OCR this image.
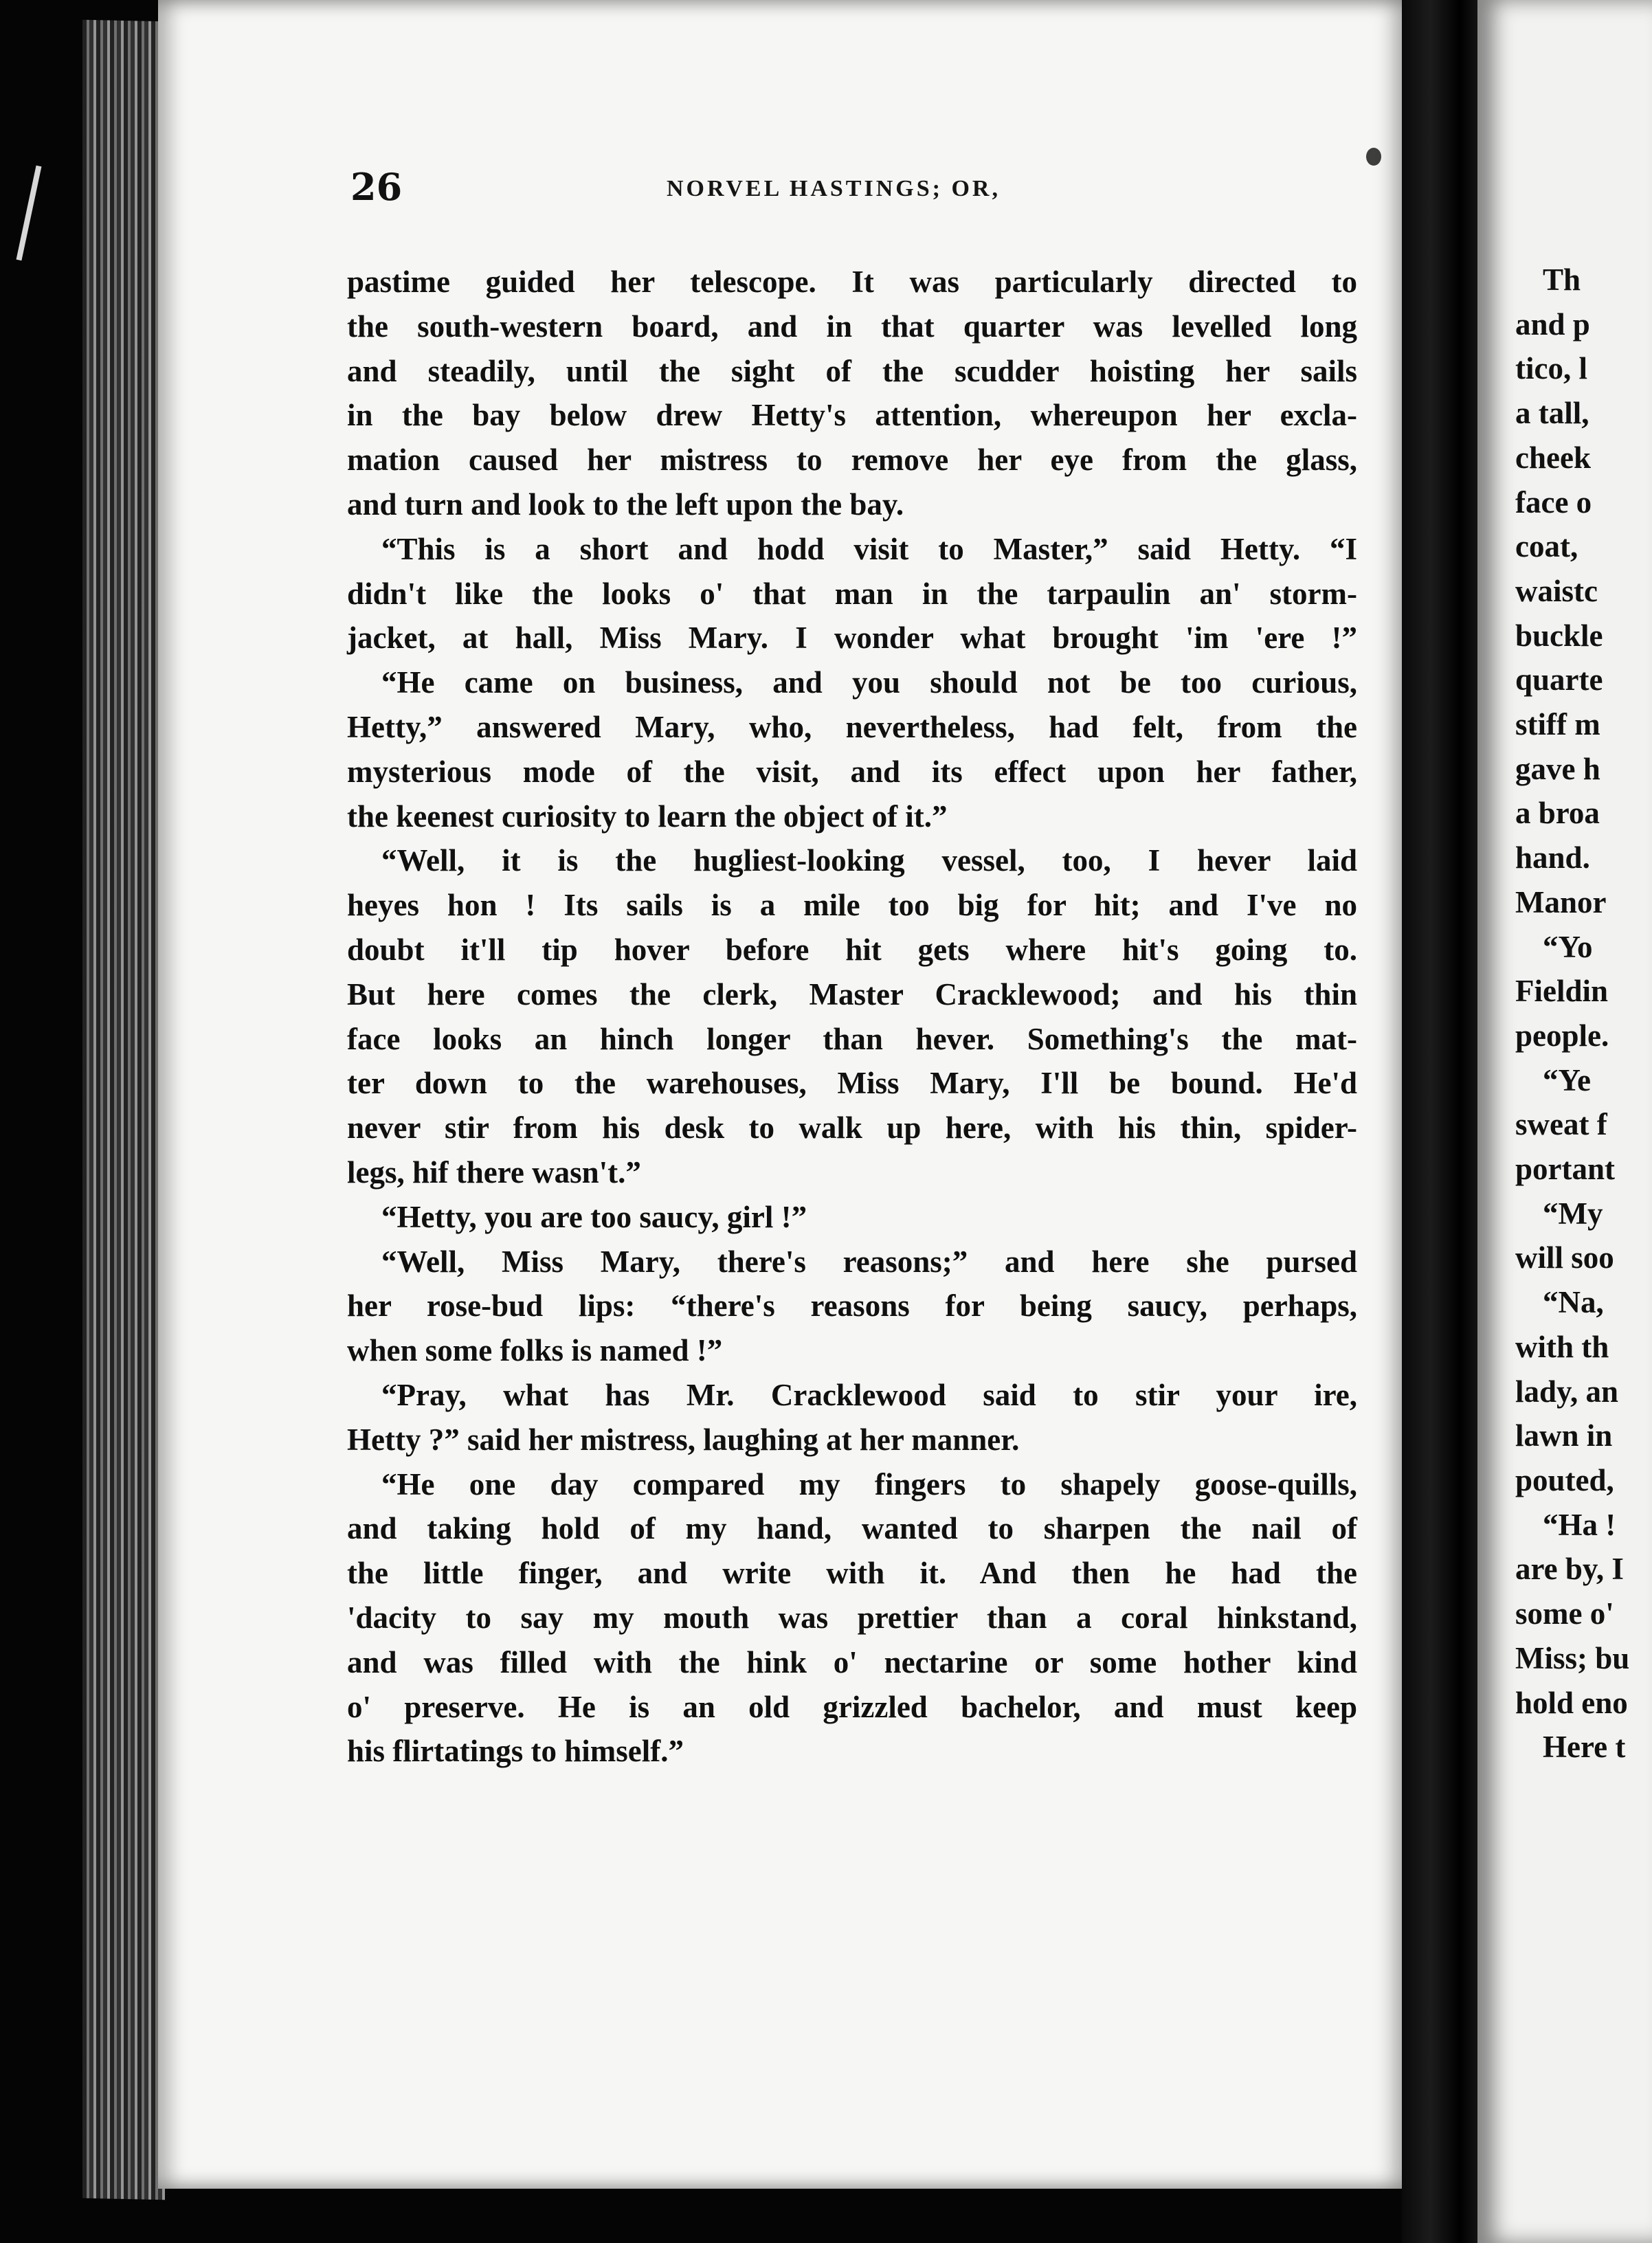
26	NORVEL HASTINGS; OR,
pastime guided her telescope. It was particularly directed to
the south-western board, and in that quarter was levelled long
and steadily, until the sight of the scudder hoisting her sails
in the bay below drew Hetty's attention, whereupon her excla-
mation caused her mistress to remove her eye from the glass,
and turn and look to the left upon the bay.
“This is a short and hodd visit to Master,” said Hetty. “I
didn't like the looks o' that man in the tarpaulin an' storm-
jacket, at hall, Miss Mary. I wonder what brought 'im 'ere !”
“He came on business, and you should not be too curious,
Hetty,” answered Mary, who, nevertheless, had felt, from the
mysterious mode of the visit, and its effect upon her father,
the keenest curiosity to learn the object of it.”
“Well, it is the hugliest-looking vessel, too, I hever laid
heyes hon ! Its sails is a mile too big for hit; and I've no
doubt it'll tip hover before hit gets where hit's going to.
But here comes the clerk, Master Cracklewood; and his thin
face looks an hinch longer than hever. Something's the mat-
ter down to the warehouses, Miss Mary, I'll be bound. He'd
never stir from his desk to walk up here, with his thin, spider-
legs, hif there wasn't.”
“Hetty, you are too saucy, girl !”
“Well, Miss Mary, there's reasons;” and here she pursed
her rose-bud lips: “there's reasons for being saucy, perhaps,
when some folks is named !”
“Pray, what has Mr. Cracklewood said to stir your ire,
Hetty ?” said her mistress, laughing at her manner.
“He one day compared my fingers to shapely goose-quills,
and taking hold of my hand, wanted to sharpen the nail of
the little finger, and write with it. And then he had the
'dacity to say my mouth was prettier than a coral hinkstand,
and was filled with the hink o' nectarine or some hother kind
o' preserve. He is an old grizzled bachelor, and must keep
his flirtatings to himself.”
Th
and p
tico, l
a tall,
cheek
face o
coat,
waistc
buckle
quarte
stiff m
gave h
a broa
hand.
Manor
“Yo
Fieldin
people.
“Ye
sweat f
portant
“My
will soo
“Na,
with th
lady, an
lawn in
pouted,
“Ha !
are by, I
some o'
Miss; bu
hold eno
Here t
